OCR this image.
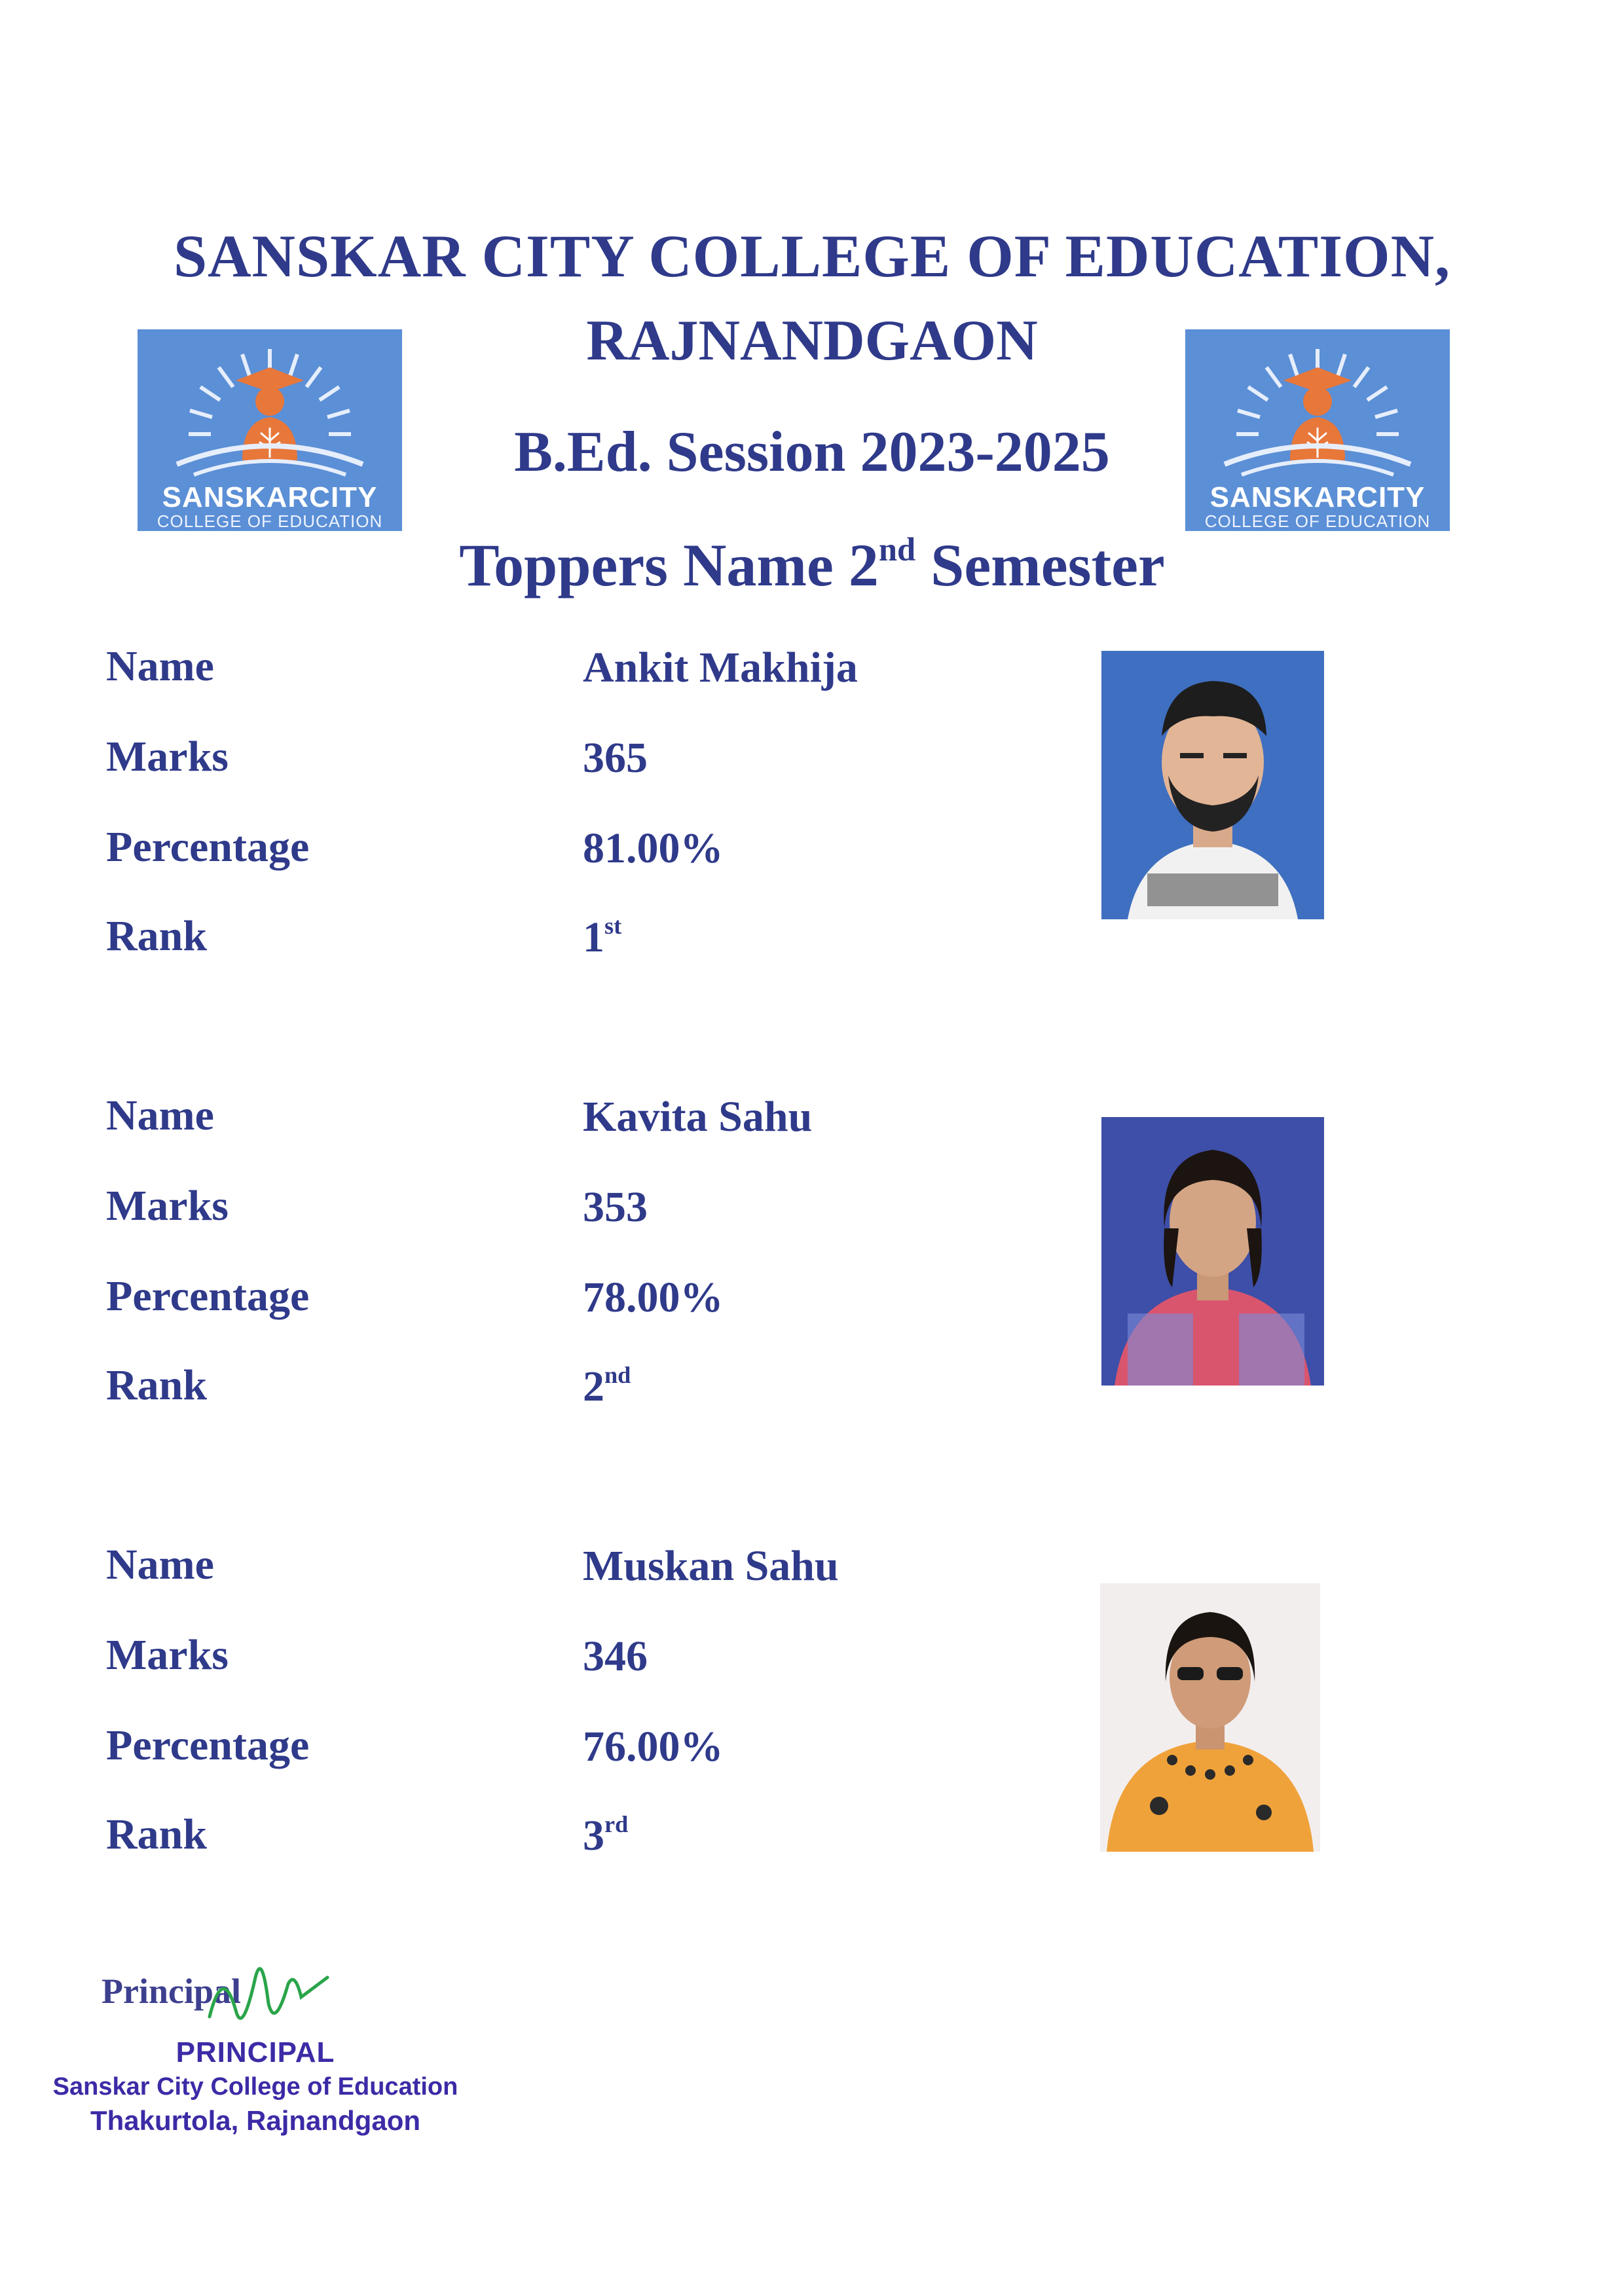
SANSKAR CITY COLLEGE OF EDUCATION,
RAJNANDGAON
B.Ed. Session 2023-2025
Toppers Name 2nd Semester
SANSKARCITY
COLLEGE OF EDUCATION
SANSKARCITY
COLLEGE OF EDUCATION
Name	Ankit Makhija
Marks	365
Percentage	81.00%
Rank	1st
Name	Kavita Sahu
Marks	353
Percentage	78.00%
Rank	2nd
Name	Muskan Sahu
Marks	346
Percentage	76.00%
Rank	3rd
Principal
PRINCIPAL
Sanskar City College of Education
Thakurtola, Rajnandgaon
